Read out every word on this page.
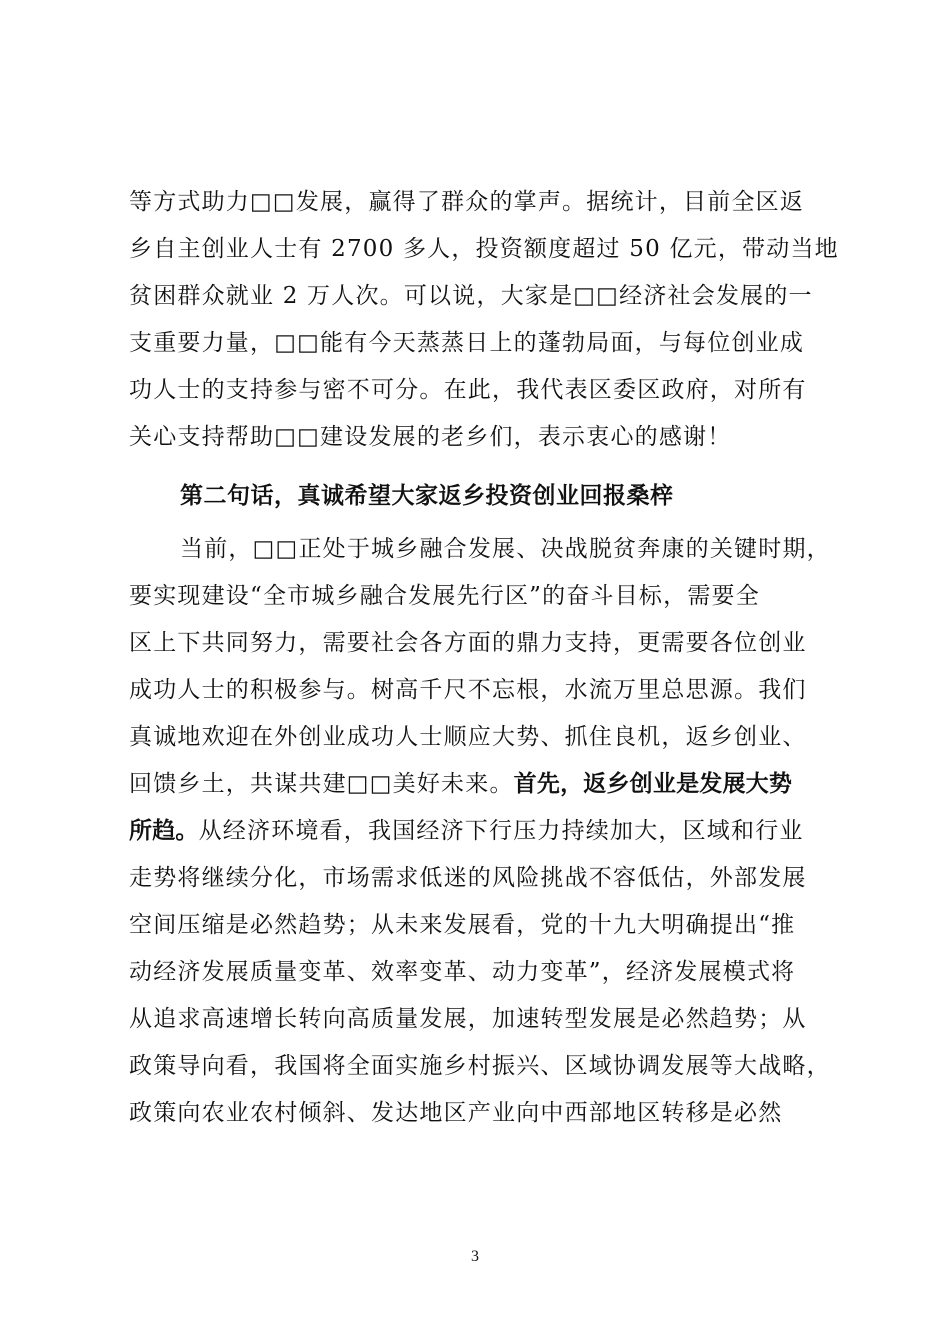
等方式助力□□发展，赢得了群众的掌声。据统计，目前全区返
乡自主创业人士有 2700 多人，投资额度超过 50 亿元，带动当地
贫困群众就业 2 万人次。可以说，大家是□□经济社会发展的一
支重要力量，□□能有今天蒸蒸日上的蓬勃局面，与每位创业成
功人士的支持参与密不可分。在此，我代表区委区政府，对所有
关心支持帮助□□建设发展的老乡们，表示衷心的感谢！
第二句话，真诚希望大家返乡投资创业回报桑梓
当前，□□正处于城乡融合发展、决战脱贫奔康的关键时期，
要实现建设“全市城乡融合发展先行区”的奋斗目标，需要全
区上下共同努力，需要社会各方面的鼎力支持，更需要各位创业
成功人士的积极参与。树高千尺不忘根，水流万里总思源。我们
真诚地欢迎在外创业成功人士顺应大势、抓住良机，返乡创业、
回馈乡土，共谋共建□□美好未来。首先，返乡创业是发展大势
所趋。从经济环境看，我国经济下行压力持续加大，区域和行业
走势将继续分化，市场需求低迷的风险挑战不容低估，外部发展
空间压缩是必然趋势；从未来发展看，党的十九大明确提出“推
动经济发展质量变革、效率变革、动力变革”，经济发展模式将
从追求高速增长转向高质量发展，加速转型发展是必然趋势；从
政策导向看，我国将全面实施乡村振兴、区域协调发展等大战略，
政策向农业农村倾斜、发达地区产业向中西部地区转移是必然
3
